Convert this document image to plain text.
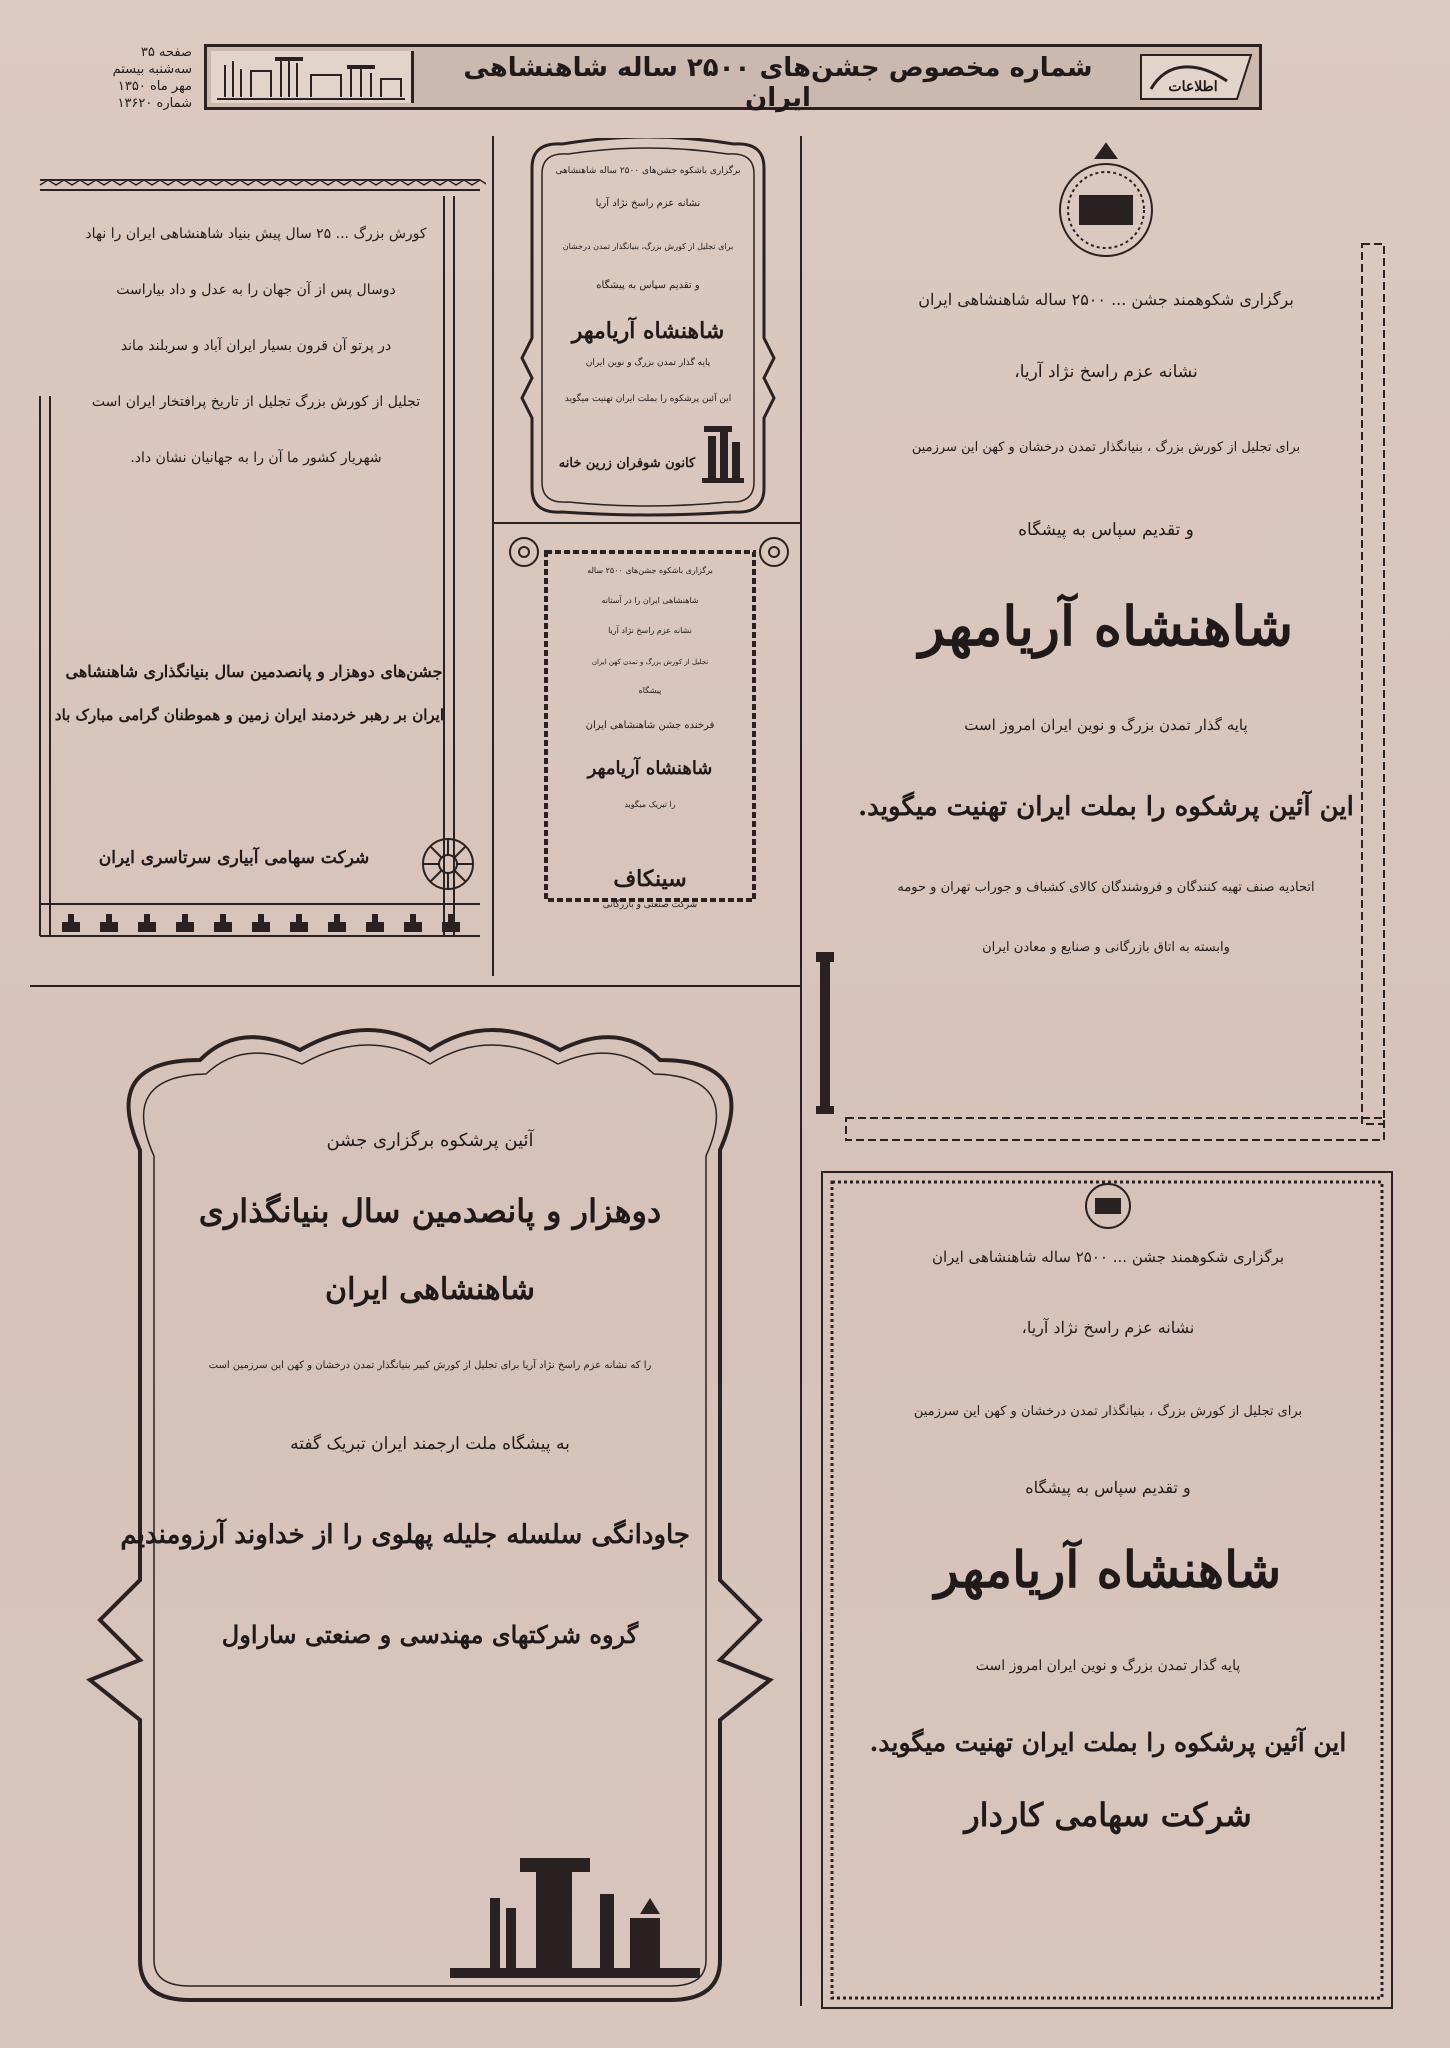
صفحه ۳۵
سه‌شنبه بیستم
مهر ماه ۱۳۵۰
شماره ۱۳۶۲۰
شماره مخصوص جشن‌های ۲۵۰۰ ساله شاهنشاهی ایران	اطلاعات
کورش بزرگ ... ۲۵ سال پیش بنیاد شاهنشاهی ایران را نهاد
دوسال پس از آن جهان را به عدل و داد بیاراست
در پرتو آن قرون بسیار ایران آباد و سربلند ماند
تجلیل از کورش بزرگ تجلیل از تاریخ پرافتخار ایران است
شهریار کشور ما آن را به جهانیان نشان داد.
جشن‌های دوهزار و پانصدمین سال بنیانگذاری شاهنشاهی
ایران بر رهبر خردمند ایران زمین و هموطنان گرامی مبارک باد
شرکت سهامی آبیاری سرتاسری ایران
برگزاری باشکوه جشن‌های ۲۵۰۰ ساله شاهنشاهی
نشانه عزم راسخ نژاد آریا
برای تجلیل از کورش بزرگ، بنیانگذار تمدن درخشان
و تقدیم سپاس به پیشگاه
شاهنشاه آریامهر
پایه گذار تمدن بزرگ و نوین ایران
این آئین پرشکوه را بملت ایران تهنیت میگوید
کانون شوفران زرین خانه
برگزاری باشکوه جشن‌های ۲۵۰۰ ساله
شاهنشاهی ایران را در آستانه
نشانه عزم راسخ نژاد آریا
تجلیل از کورش بزرگ و تمدن کهن ایران
پیشگاه
فرخنده جشن شاهنشاهی ایران
شاهنشاه آریامهر
را تبریک میگوید
سینکاف
شرکت صنعتی و بازرگانی
برگزاری شکوهمند جشن ... ۲۵۰۰ ساله شاهنشاهی ایران
نشانه عزم راسخ نژاد آریا،
برای تجلیل از کورش بزرگ ، بنیانگذار تمدن درخشان و کهن این سرزمین
و تقدیم سپاس به پیشگاه
شاهنشاه آریامهر
پایه گذار تمدن بزرگ و نوین ایران امروز است
این آئین پرشکوه را بملت ایران تهنیت میگوید.
اتحادیه صنف تهیه کنندگان و فروشندگان کالای کشباف و جوراب تهران و حومه
وابسته به اتاق بازرگانی و صنایع و معادن ایران
آئین پرشکوه برگزاری جشن
دوهزار و پانصدمین سال بنیانگذاری
شاهنشاهی ایران
را که نشانه عزم راسخ نژاد آریا برای تجلیل از کورش کبیر بنیانگذار تمدن درخشان و کهن این سرزمین است
به پیشگاه ملت ارجمند ایران تبریک گفته
جاودانگی سلسله جلیله پهلوی را از خداوند آرزومندیم
گروه شرکتهای مهندسی و صنعتی ساراول
برگزاری شکوهمند جشن ... ۲۵۰۰ ساله شاهنشاهی ایران
نشانه عزم راسخ نژاد آریا،
برای تجلیل از کورش بزرگ ، بنیانگذار تمدن درخشان و کهن این سرزمین
و تقدیم سپاس به پیشگاه
شاهنشاه آریامهر
پایه گذار تمدن بزرگ و نوین ایران امروز است
این آئین پرشکوه را بملت ایران تهنیت میگوید.
شرکت سهامی کاردار
